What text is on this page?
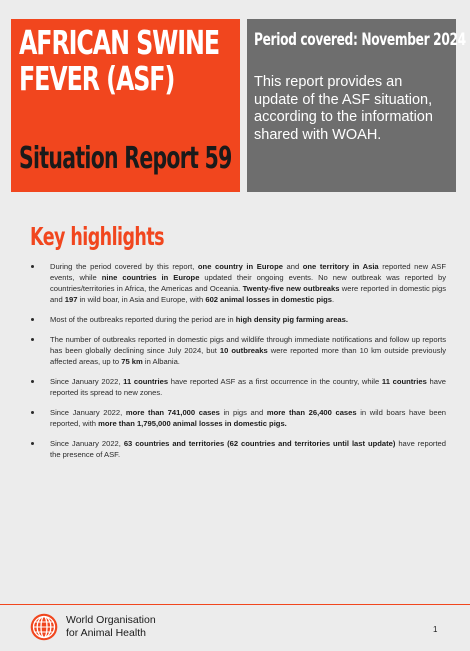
AFRICAN SWINE
FEVER (ASF)
Situation Report 59
Period covered: November 2024
This report provides an update of the ASF situation, according to the information shared with WOAH.
Key highlights
During the period covered by this report, one country in Europe and one territory in Asia reported new ASF events, while nine countries in Europe updated their ongoing events. No new outbreak was reported by countries/territories in Africa, the Americas and Oceania. Twenty-five new outbreaks were reported in domestic pigs and 197 in wild boar, in Asia and Europe, with 602 animal losses in domestic pigs.
Most of the outbreaks reported during the period are in high density pig farming areas.
The number of outbreaks reported in domestic pigs and wildlife through immediate notifications and follow up reports has been globally declining since July 2024, but 10 outbreaks were reported more than 10 km outside previously affected areas, up to 75 km in Albania.
Since January 2022, 11 countries have reported ASF as a first occurrence in the country, while 11 countries have reported its spread to new zones.
Since January 2022, more than 741,000 cases in pigs and more than 26,400 cases in wild boars have been reported, with more than 1,795,000 animal losses in domestic pigs.
Since January 2022, 63 countries and territories (62 countries and territories until last update) have reported the presence of ASF.
World Organisation
for Animal Health	1
